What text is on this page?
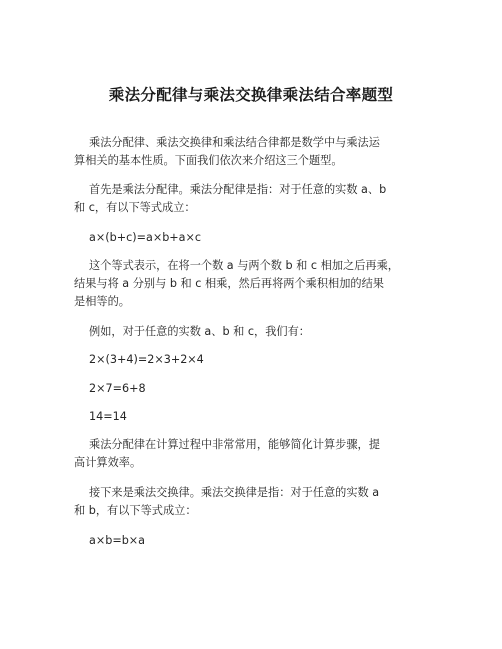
乘法分配律与乘法交换律乘法结合率题型
乘法分配律、乘法交换律和乘法结合律都是数学中与乘法运
算相关的基本性质。下面我们依次来介绍这三个题型。
首先是乘法分配律。乘法分配律是指：对于任意的实数 a、b
和 c，有以下等式成立：
a×(b+c)=a×b+a×c
这个等式表示，在将一个数 a 与两个数 b 和 c 相加之后再乘，
结果与将 a 分别与 b 和 c 相乘，然后再将两个乘积相加的结果
是相等的。
例如，对于任意的实数 a、b 和 c，我们有：
2×(3+4)=2×3+2×4
2×7=6+8
14=14
乘法分配律在计算过程中非常常用，能够简化计算步骤，提
高计算效率。
接下来是乘法交换律。乘法交换律是指：对于任意的实数 a
和 b，有以下等式成立：
a×b=b×a
